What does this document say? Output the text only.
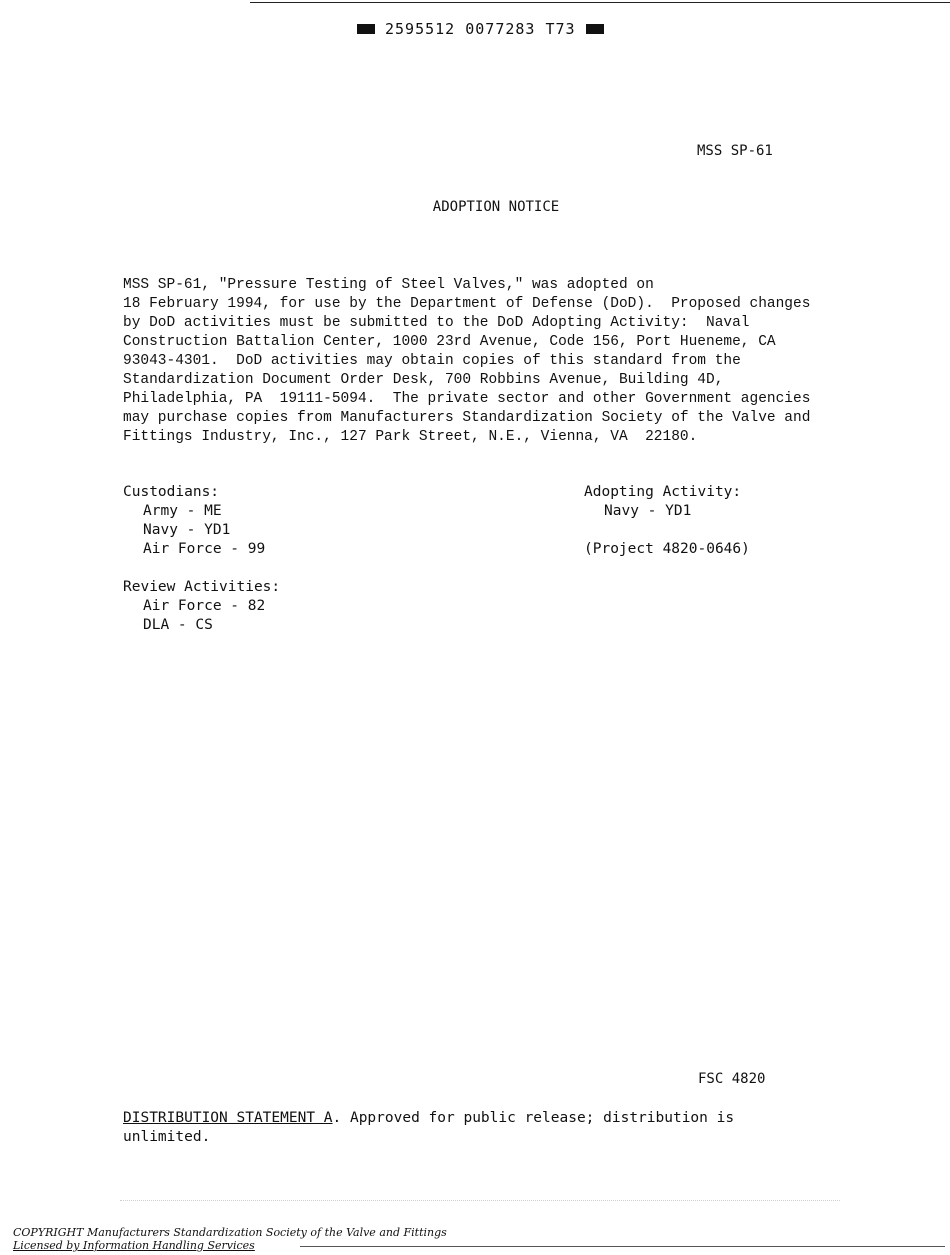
2595512 0077283 T73
MSS SP-61
ADOPTION NOTICE
MSS SP-61, "Pressure Testing of Steel Valves," was adopted on
18 February 1994, for use by the Department of Defense (DoD).  Proposed changes
by DoD activities must be submitted to the DoD Adopting Activity:  Naval
Construction Battalion Center, 1000 23rd Avenue, Code 156, Port Hueneme, CA
93043-4301.  DoD activities may obtain copies of this standard from the
Standardization Document Order Desk, 700 Robbins Avenue, Building 4D,
Philadelphia, PA  19111-5094.  The private sector and other Government agencies
may purchase copies from Manufacturers Standardization Society of the Valve and
Fittings Industry, Inc., 127 Park Street, N.E., Vienna, VA  22180.
Custodians:
Army - ME
Navy - YD1
Air Force - 99
Adopting Activity:
Navy - YD1
(Project 4820-0646)
Review Activities:
Air Force - 82
DLA - CS
FSC 4820

DISTRIBUTION STATEMENT A. Approved for public release; distribution is unlimited.

COPYRIGHT Manufacturers Standardization Society of the Valve and Fittings
Licensed by Information Handling Services
